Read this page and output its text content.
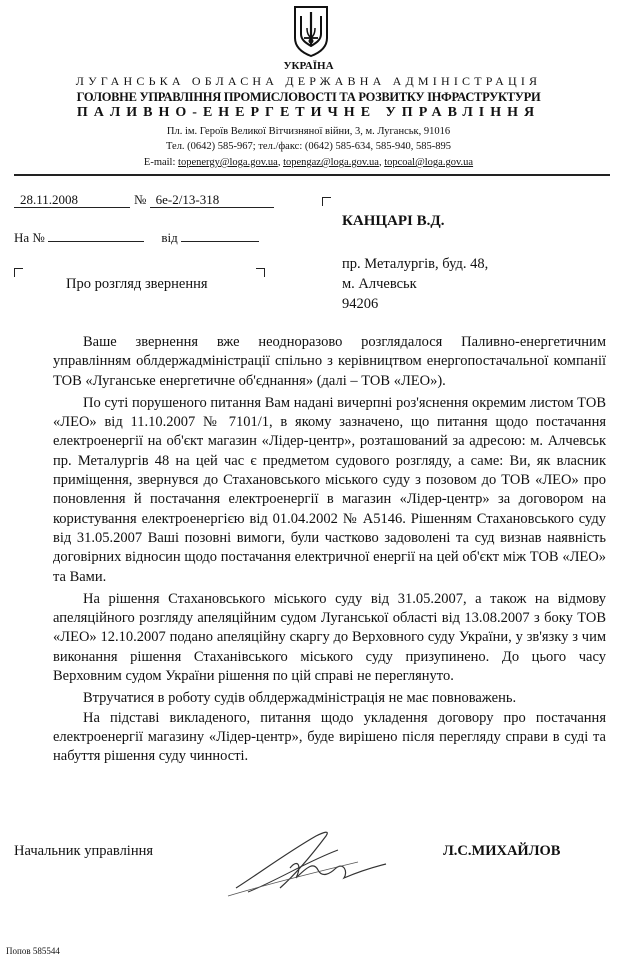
УКРАЇНА
ЛУГАНСЬКА ОБЛАСНА ДЕРЖАВНА АДМІНІСТРАЦІЯ
ГОЛОВНЕ УПРАВЛІННЯ ПРОМИСЛОВОСТІ ТА РОЗВИТКУ ІНФРАСТРУКТУРИ
ПАЛИВНО-ЕНЕРГЕТИЧНЕ УПРАВЛІННЯ
Пл. ім. Героїв Великої Вітчизняної війни, 3, м. Луганськ, 91016
Тел. (0642) 585-967; тел./факс: (0642) 585-634, 585-940, 585-895
E-mail: topenergy@loga.gov.ua, topengaz@loga.gov.ua, topcoal@loga.gov.ua
28.11.2008	№ 6е-2/13-318
На №	від
Про розгляд звернення
КАНЦАРІ В.Д.
пр. Металургів, буд. 48,
м. Алчевськ
94206

Ваше звернення вже неодноразово розглядалося Паливно-енергетичним управлінням облдержадміністрації спільно з керівництвом енергопостачальної компанії ТОВ «Луганське енергетичне об'єднання» (далі – ТОВ «ЛЕО»).

По суті порушеного питання Вам надані вичерпні роз'яснення окремим листом ТОВ «ЛЕО» від 11.10.2007 № 7101/1, в якому зазначено, що питання щодо постачання електроенергії на об'єкт магазин «Лідер-центр», розташований за адресою: м. Алчевськ пр. Металургів 48 на цей час є предметом судового розгляду, а саме: Ви, як власник приміщення, звернувся до Стахановського міського суду з позовом до ТОВ «ЛЕО» про поновлення й постачання електроенергії в магазин «Лідер-центр» за договором на користування електроенергією від 01.04.2002 № А5146. Рішенням Стахановського суду від 31.05.2007 Ваші позовні вимоги, були частково задоволені та суд визнав наявність договірних відносин щодо постачання електричної енергії на цей об'єкт між ТОВ «ЛЕО» та Вами.

На рішення Стахановського міського суду від 31.05.2007, а також на відмову апеляційного розгляду апеляційним судом Луганської області від 13.08.2007 з боку ТОВ «ЛЕО» 12.10.2007 подано апеляційну скаргу до Верховного суду України, у зв'язку з чим виконання рішення Стаханівського міського суду призупинено. До цього часу Верховним судом України рішення по цій справі не переглянуто.

Втручатися в роботу судів облдержадміністрація не має повноважень.

На підставі викладеного, питання щодо укладення договору про постачання електроенергії магазину «Лідер-центр», буде вирішено після перегляду справи в суді та набуття рішення суду чинності.

Начальник управління	Л.С.МИХАЙЛОВ
Попов 585544
